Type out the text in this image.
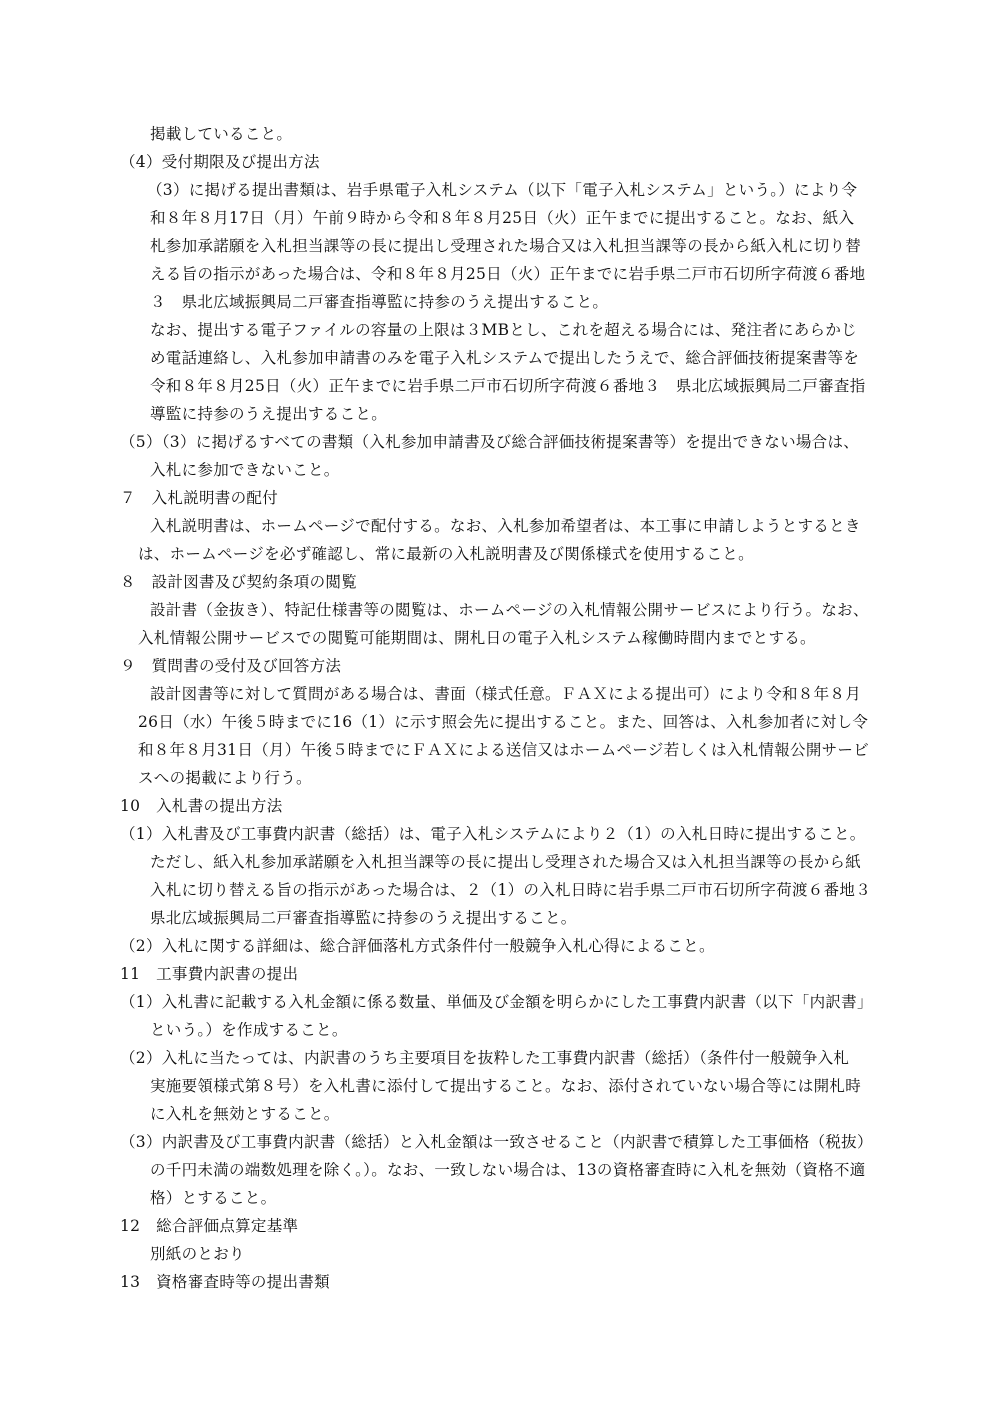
掲載していること。

（4）受付期限及び提出方法

（3）に掲げる提出書類は、岩手県電子入札システム（以下「電子入札システム」という。）により令

和８年８月17日（月）午前９時から令和８年８月25日（火）正午までに提出すること。なお、紙入

札参加承諾願を入札担当課等の長に提出し受理された場合又は入札担当課等の長から紙入札に切り替

える旨の指示があった場合は、令和８年８月25日（火）正午までに岩手県二戸市石切所字荷渡６番地

３　県北広域振興局二戸審査指導監に持参のうえ提出すること。

なお、提出する電子ファイルの容量の上限は３MBとし、これを超える場合には、発注者にあらかじ

め電話連絡し、入札参加申請書のみを電子入札システムで提出したうえで、総合評価技術提案書等を

令和８年８月25日（火）正午までに岩手県二戸市石切所字荷渡６番地３　県北広域振興局二戸審査指

導監に持参のうえ提出すること。

（5）（3）に掲げるすべての書類（入札参加申請書及び総合評価技術提案書等）を提出できない場合は、

入札に参加できないこと。

７　入札説明書の配付

入札説明書は、ホームページで配付する。なお、入札参加希望者は、本工事に申請しようとするとき

は、ホームページを必ず確認し、常に最新の入札説明書及び関係様式を使用すること。

８　設計図書及び契約条項の閲覧

設計書（金抜き）、特記仕様書等の閲覧は、ホームページの入札情報公開サービスにより行う。なお、

入札情報公開サービスでの閲覧可能期間は、開札日の電子入札システム稼働時間内までとする。

９　質問書の受付及び回答方法

設計図書等に対して質問がある場合は、書面（様式任意。ＦＡＸによる提出可）により令和８年８月

26日（水）午後５時までに16（1）に示す照会先に提出すること。また、回答は、入札参加者に対し令

和８年８月31日（月）午後５時までにＦＡＸによる送信又はホームページ若しくは入札情報公開サービ

スへの掲載により行う。

10　入札書の提出方法

（1）入札書及び工事費内訳書（総括）は、電子入札システムにより２（1）の入札日時に提出すること。

ただし、紙入札参加承諾願を入札担当課等の長に提出し受理された場合又は入札担当課等の長から紙

入札に切り替える旨の指示があった場合は、２（1）の入札日時に岩手県二戸市石切所字荷渡６番地３

県北広域振興局二戸審査指導監に持参のうえ提出すること。

（2）入札に関する詳細は、総合評価落札方式条件付一般競争入札心得によること。

11　工事費内訳書の提出

（1）入札書に記載する入札金額に係る数量、単価及び金額を明らかにした工事費内訳書（以下「内訳書」

という。）を作成すること。

（2）入札に当たっては、内訳書のうち主要項目を抜粋した工事費内訳書（総括）（条件付一般競争入札

実施要領様式第８号）を入札書に添付して提出すること。なお、添付されていない場合等には開札時

に入札を無効とすること。

（3）内訳書及び工事費内訳書（総括）と入札金額は一致させること（内訳書で積算した工事価格（税抜）

の千円未満の端数処理を除く。）。なお、一致しない場合は、13の資格審査時に入札を無効（資格不適

格）とすること。

12　総合評価点算定基準

別紙のとおり

13　資格審査時等の提出書類
